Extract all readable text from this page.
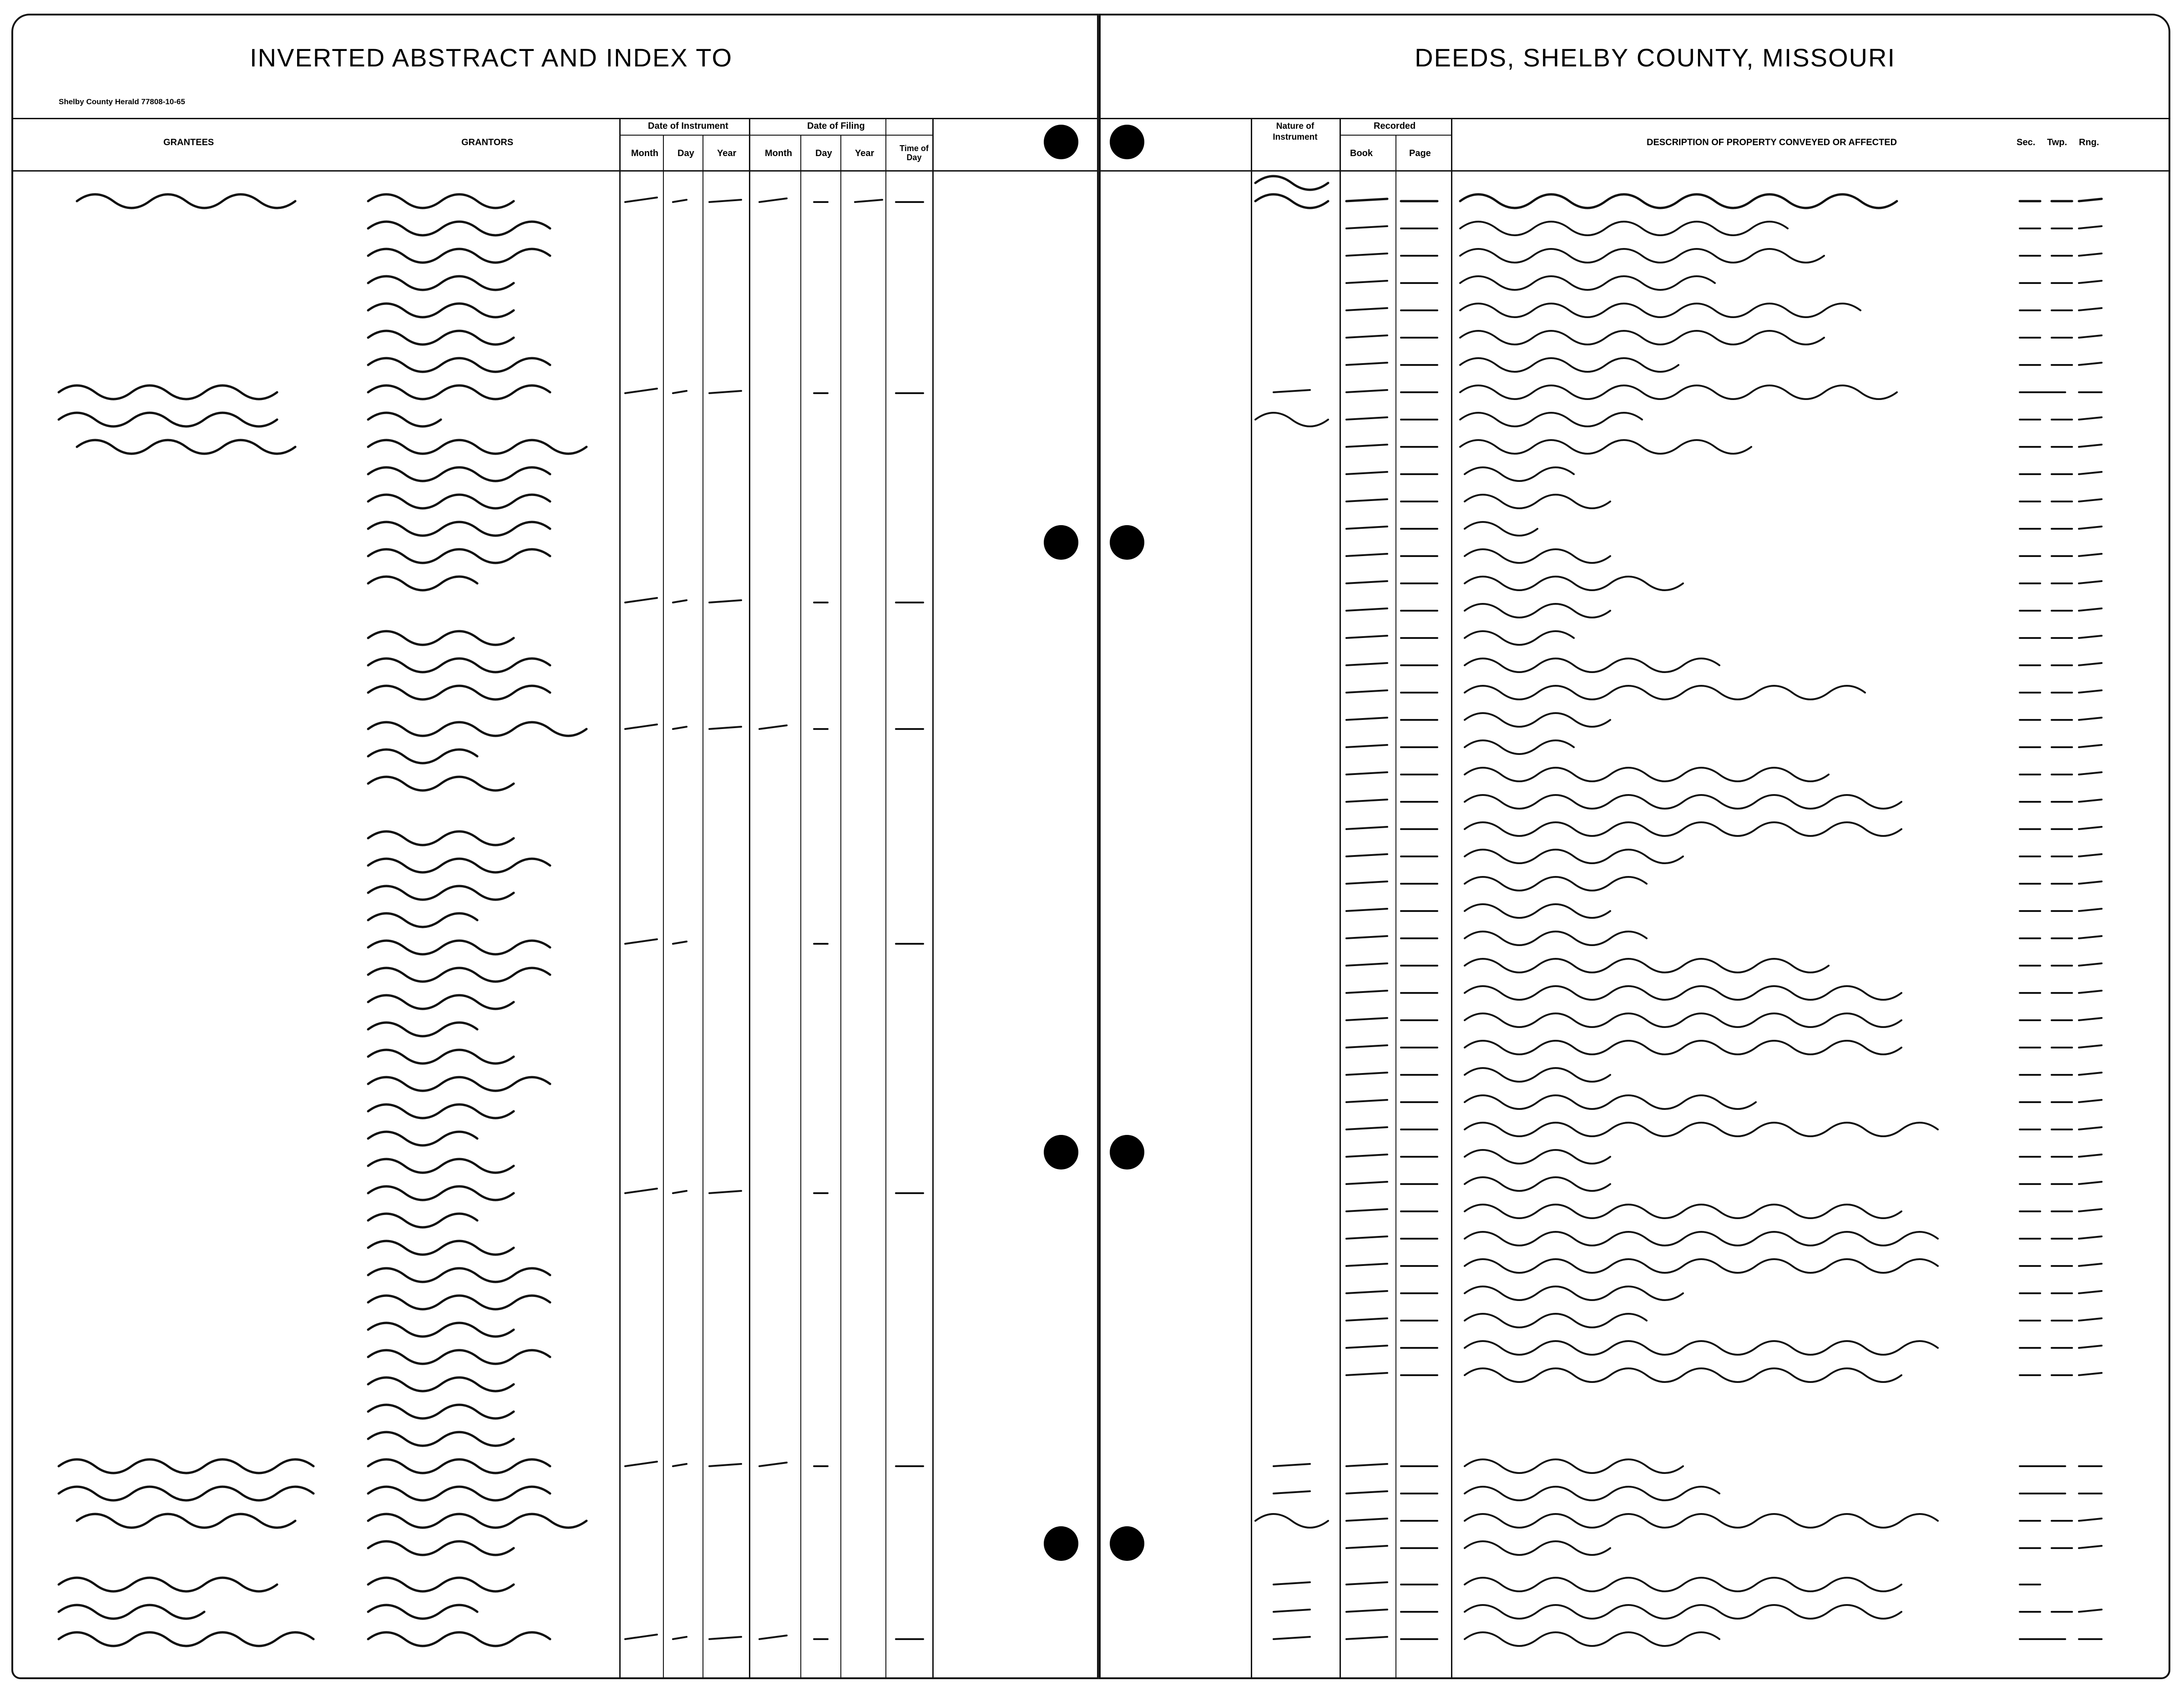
INVERTED ABSTRACT AND INDEX TO
Shelby County Herald 77808-10-65
GRANTEES	GRANTORS
Date of Instrument	Date of Filing
Month Day	Year	Month	Day	Year	Time of Day
DEEDS, SHELBY COUNTY, MISSOURI
Nature of Instrument
Recorded
Book	Page
DESCRIPTION OF PROPERTY CONVEYED OR AFFECTED	Sec. Twp. Rng.
